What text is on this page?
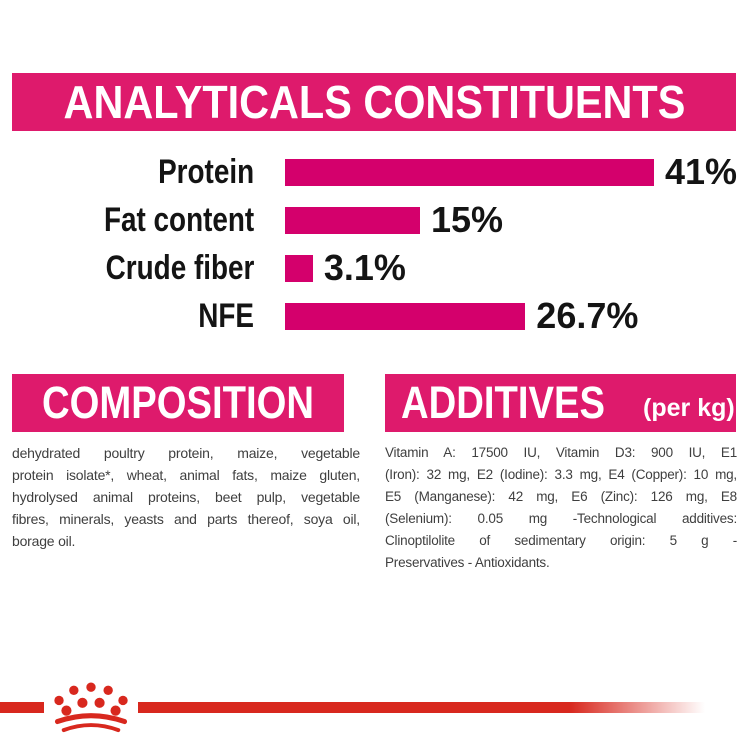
ANALYTICALS CONSTITUENTS
Protein	41%
Fat content	15%
Crude fiber 3.1%
NFE	26.7%
COMPOSITION ADDITIVES (per kg)
dehydrated poultry protein, maize, vegetable
protein isolate*, wheat, animal fats, maize gluten,
hydrolysed animal proteins, beet pulp, vegetable
fibres, minerals, yeasts and parts thereof, soya oil,
borage oil.
Vitamin A: 17500 IU, Vitamin D3: 900 IU, E1
(Iron): 32 mg, E2 (Iodine): 3.3 mg, E4 (Copper): 10 mg,
E5 (Manganese): 42 mg, E6 (Zinc): 126 mg, E8
(Selenium): 0.05 mg -Technological additives:
Clinoptilolite of sedimentary origin: 5 g -
Preservatives - Antioxidants.
